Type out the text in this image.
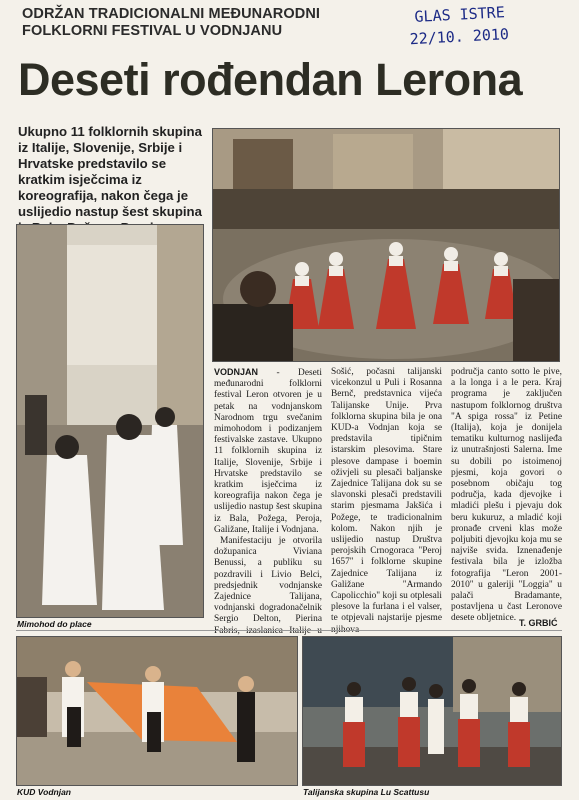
ODRŽAN TRADICIONALNI MEĐUNARODNI FOLKLORNI FESTIVAL U VODNJANU
GLAS ISTRE
22/10. 2010
Deseti rođendan Lerona
Ukupno 11 folklornih skupina iz Italije, Slovenije, Srbije i Hrvatske predstavilo se kratkim isječcima iz koreografija, nakon čega je uslijedio nastup šest skupina
Mimohod do place

VODNJAN - Deseti međunarodni folklorni festival Leron otvoren je u petak na vodnjanskom Narodnom trgu svečanim mimohodom i podizanjem festivalske zastave. Ukupno 11 folklornih skupina iz Italije, Slovenije, Srbije i Hrvatske predstavilo se kratkim isječcima iz koreografija nakon čega je uslijedio nastup šest skupina iz Bala, Požega, Peroja, Galižane, Italije i Vodnjana.

Manifestaciju je otvorila dožupanica Viviana Benussi, a publiku su pozdravili i Livio Belci, predsjednik vodnjanske Zajednice Talijana, vodnjanski dogradonačelnik Sergio Delton, Pierina

Sošić, počasni talijanski vicekonzul u Puli i Rosanna Bernč, predstavnica vijeća Talijanske Unije. Prva folklorna skupina bila je ona KUD-a Vodnjan koja se predstavila tipičnim istarskim plesovima. Stare plesove dampase i boemin oživjeli su plesači baljanske Zajednice Talijana dok su se slavonski plesači predstavili starim pjesmama Jakšića i Požege, te tradicionalnim kolom. Nakon njih je uslijedio nastup Društva perojskih Crnogoraca "Peroj 1657" i folklorne skupine Zajednice Talijana iz Galižane "Armando Capolicchio" koji su otplesali plesove la furlana i el valser, te otpjevali najstarije pjesme

područja canto sotto le pive, a la longa i a le pera. Kraj programa je zaključen nastupom folklornog društva "A spiga rossa" iz Petine (Italija), koja je donijela tematiku kulturnog naslijeđa iz unutrašnjosti Salerna. Ime su dobili po istoimenoj pjesmi, koja govori o posebnom običaju tog područja, kada djevojke i mladići plešu i pjevaju dok beru kukuruz, a mladić koji pronađe crveni klas može poljubiti djevojku koja mu se najviše svida. Iznenađenje festivala bila je izložba fotografija "Leron 2001-2010" u galeriji "Loggia" u palači Bradamante, postavljena u čast Leronove desete obljetnice. T. GRBIĆ
KUD Vodnjan	Talijanska skupina Lu Scattusu
